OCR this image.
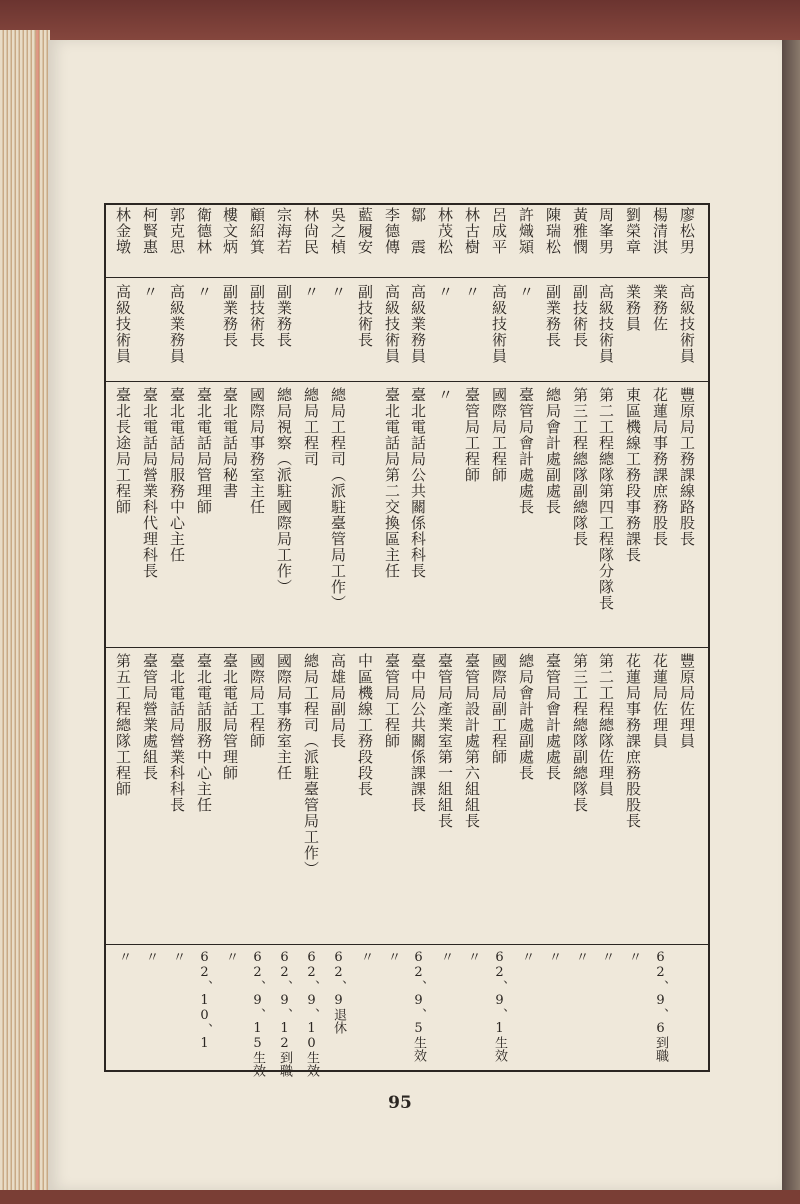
廖松男
高級技術員
豐原局工務課線路股長
豐原局佐理員
楊清淇
業務佐
花蓮局事務課庶務股長
花蓮局佐理員
62、9、6到職
劉榮章
業務員
東區機線工務段事務課長
花蓮局事務課庶務股股長
〃
周峯男
高級技術員
第二工程總隊第四工程隊分隊長
第二工程總隊佐理員
〃
黃雅憫
副技術長
第三工程總隊副總隊長
第三工程總隊副總隊長
〃
陳瑞松
副業務長
總局會計處副處長
臺管局會計處處長
〃
許熾熲
〃
臺管局會計處處長
總局會計處副處長
〃
呂成平
高級技術員
國際局工程師
國際局副工程師
62、9、1生效
林古樹
〃
臺管局工程師
臺管局設計處第六組組長
〃
林茂松
〃
〃
臺管局產業室第一組組長
〃
鄒　震
高級業務員
臺北電話局公共關係科科長
臺中局公共關係課課長
62、9、5生效
李德傳
高級技術員
臺北電話局第二交換區主任
臺管局工程師
〃
藍履安
副技術長
中區機線工務段段長
〃
吳之楨
〃
總局工程司（派駐臺管局工作）
高雄局副局長
62、9退休
林尙民
〃
總局工程司
總局工程司（派駐臺管局工作）
62、9、10生效
宗海若
副業務長
總局視察（派駐國際局工作）
國際局事務室主任
62、9、12到職
顧紹箕
副技術長
國際局事務室主任
國際局工程師
62、9、15生效
樓文炳
副業務長
臺北電話局秘書
臺北電話局管理師
〃
衛德林
〃
臺北電話局管理師
臺北電話服務中心主任
62、10、1
郭克思
高級業務員
臺北電話局服務中心主任
臺北電話局營業科科長
〃
柯賢惠
〃
臺北電話局營業科代理科長
臺管局營業處組長
〃
林金墩
高級技術員
臺北長途局工程師
第五工程總隊工程師
〃
95
